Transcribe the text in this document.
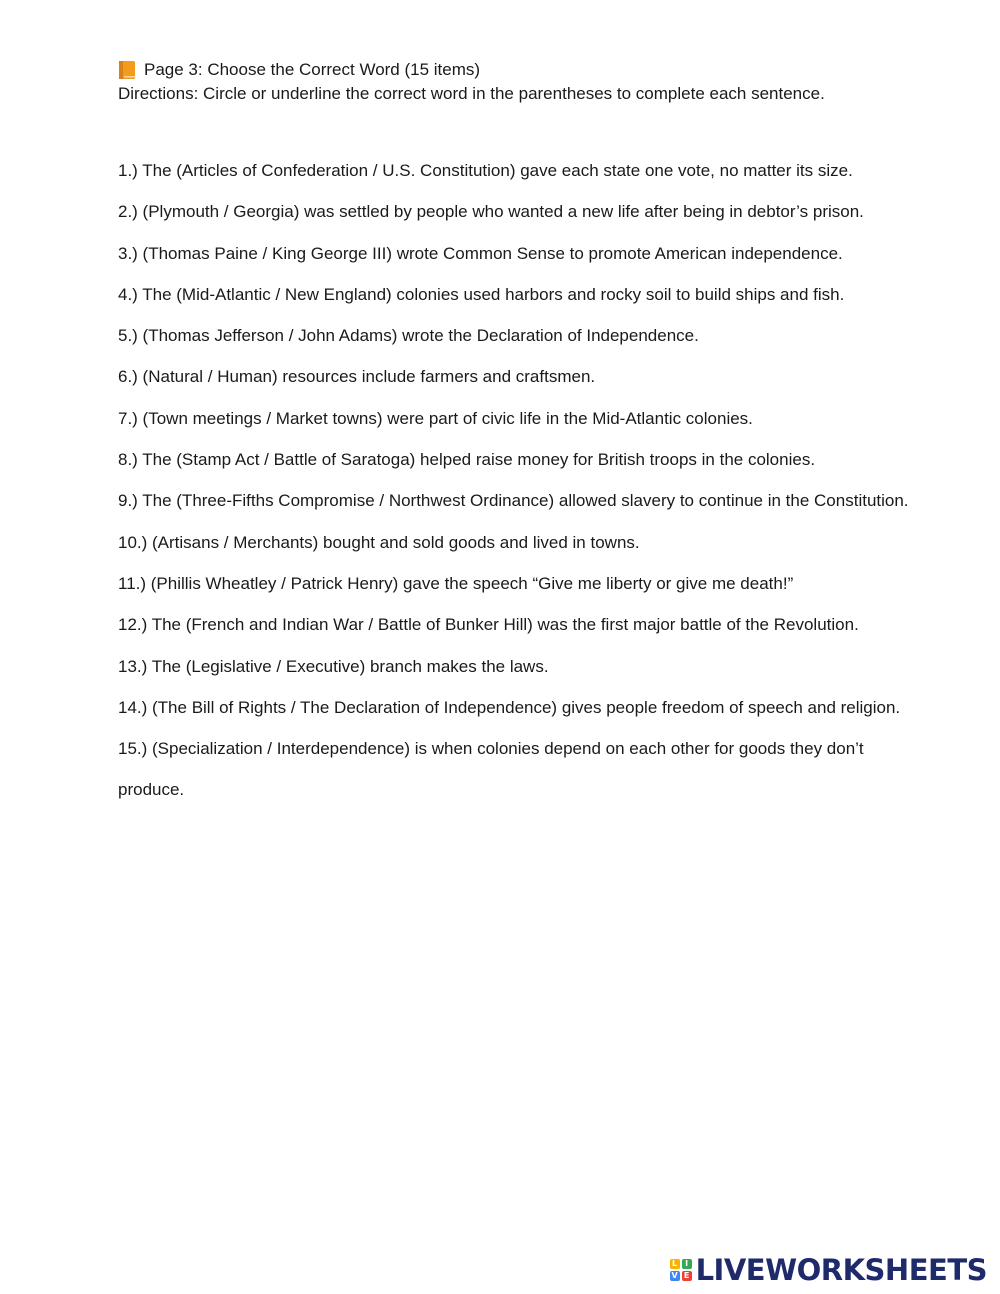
Page 3: Choose the Correct Word (15 items)
Directions: Circle or underline the correct word in the parentheses to complete each sentence.
1.) The (Articles of Confederation / U.S. Constitution) gave each state one vote, no matter its size.
2.) (Plymouth / Georgia) was settled by people who wanted a new life after being in debtor’s prison.
3.) (Thomas Paine / King George III) wrote Common Sense to promote American independence.
4.) The (Mid-Atlantic / New England) colonies used harbors and rocky soil to build ships and fish.
5.) (Thomas Jefferson / John Adams) wrote the Declaration of Independence.
6.) (Natural / Human) resources include farmers and craftsmen.
7.) (Town meetings / Market towns) were part of civic life in the Mid-Atlantic colonies.
8.) The (Stamp Act / Battle of Saratoga) helped raise money for British troops in the colonies.
9.) The (Three-Fifths Compromise / Northwest Ordinance) allowed slavery to continue in the Constitution.
10.) (Artisans / Merchants) bought and sold goods and lived in towns.
11.) (Phillis Wheatley / Patrick Henry) gave the speech “Give me liberty or give me death!”
12.) The (French and Indian War / Battle of Bunker Hill) was the first major battle of the Revolution.
13.) The (Legislative / Executive) branch makes the laws.
14.) (The Bill of Rights / The Declaration of Independence) gives people freedom of speech and religion.
15.) (Specialization / Interdependence) is when colonies depend on each other for goods they don’t produce.
L I
V E LIVEWORKSHEETS
